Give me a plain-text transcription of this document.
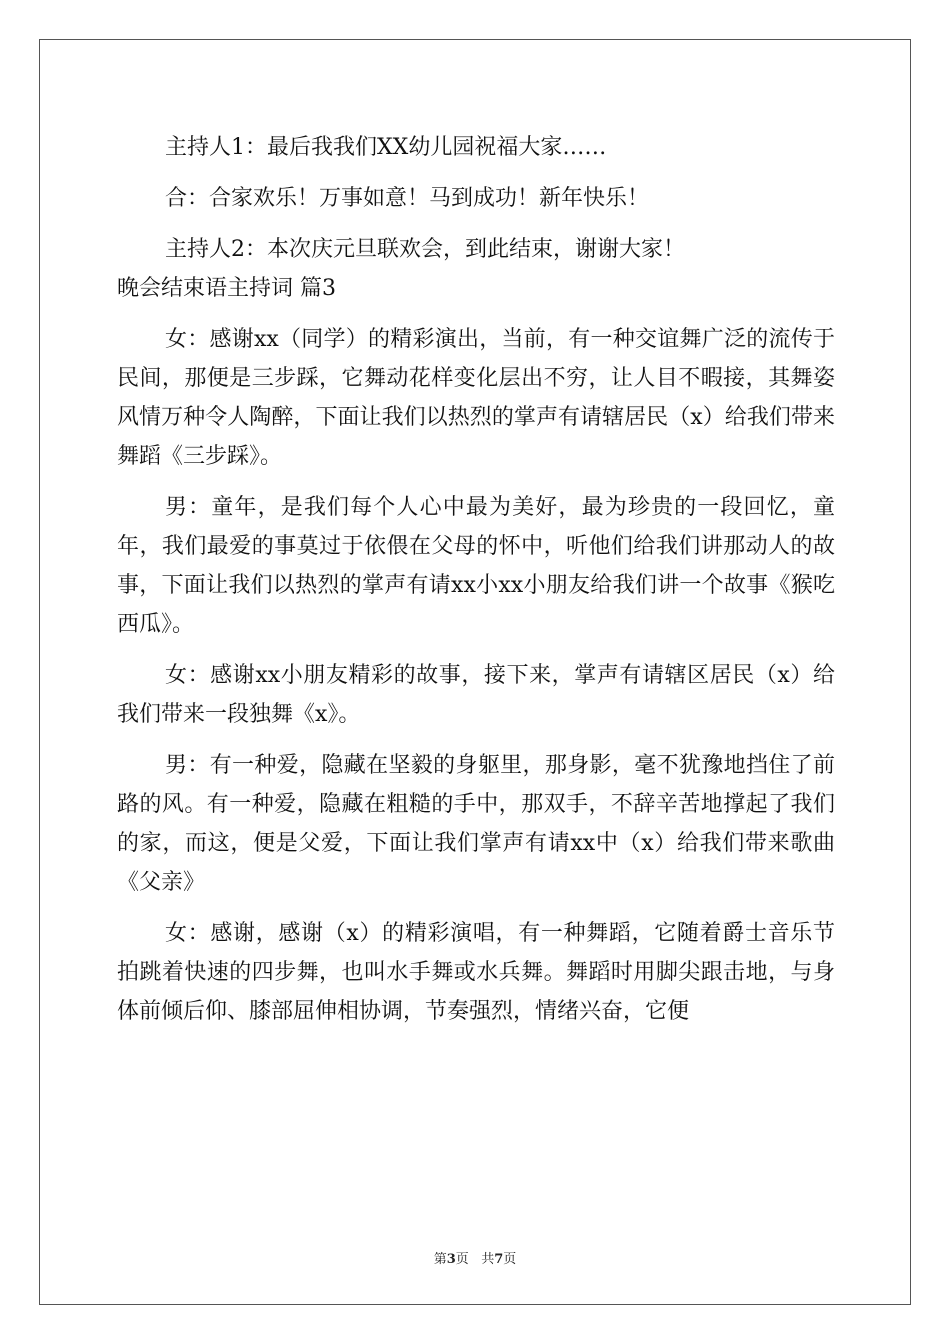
主持人1：最后我我们XX幼儿园祝福大家……

合：合家欢乐！万事如意！马到成功！新年快乐！

主持人2：本次庆元旦联欢会，到此结束，谢谢大家！

晚会结束语主持词 篇3

女：感谢xx（同学）的精彩演出，当前，有一种交谊舞广泛的流传于民间，那便是三步踩，它舞动花样变化层出不穷，让人目不暇接，其舞姿风情万种令人陶醉，下面让我们以热烈的掌声有请辖居民（x）给我们带来舞蹈《三步踩》。

男：童年，是我们每个人心中最为美好，最为珍贵的一段回忆，童年，我们最爱的事莫过于依偎在父母的怀中，听他们给我们讲那动人的故事，下面让我们以热烈的掌声有请xx小xx小朋友给我们讲一个故事《猴吃西瓜》。

女：感谢xx小朋友精彩的故事，接下来，掌声有请辖区居民（x）给我们带来一段独舞《x》。

男：有一种爱，隐藏在坚毅的身躯里，那身影，毫不犹豫地挡住了前路的风。有一种爱，隐藏在粗糙的手中，那双手，不辞辛苦地撑起了我们的家，而这，便是父爱，下面让我们掌声有请xx中（x）给我们带来歌曲《父亲》

女：感谢，感谢（x）的精彩演唱，有一种舞蹈，它随着爵士音乐节拍跳着快速的四步舞，也叫水手舞或水兵舞。舞蹈时用脚尖跟击地，与身体前倾后仰、膝部屈伸相协调，节奏强烈，情绪兴奋，它便

第3页 共7页
